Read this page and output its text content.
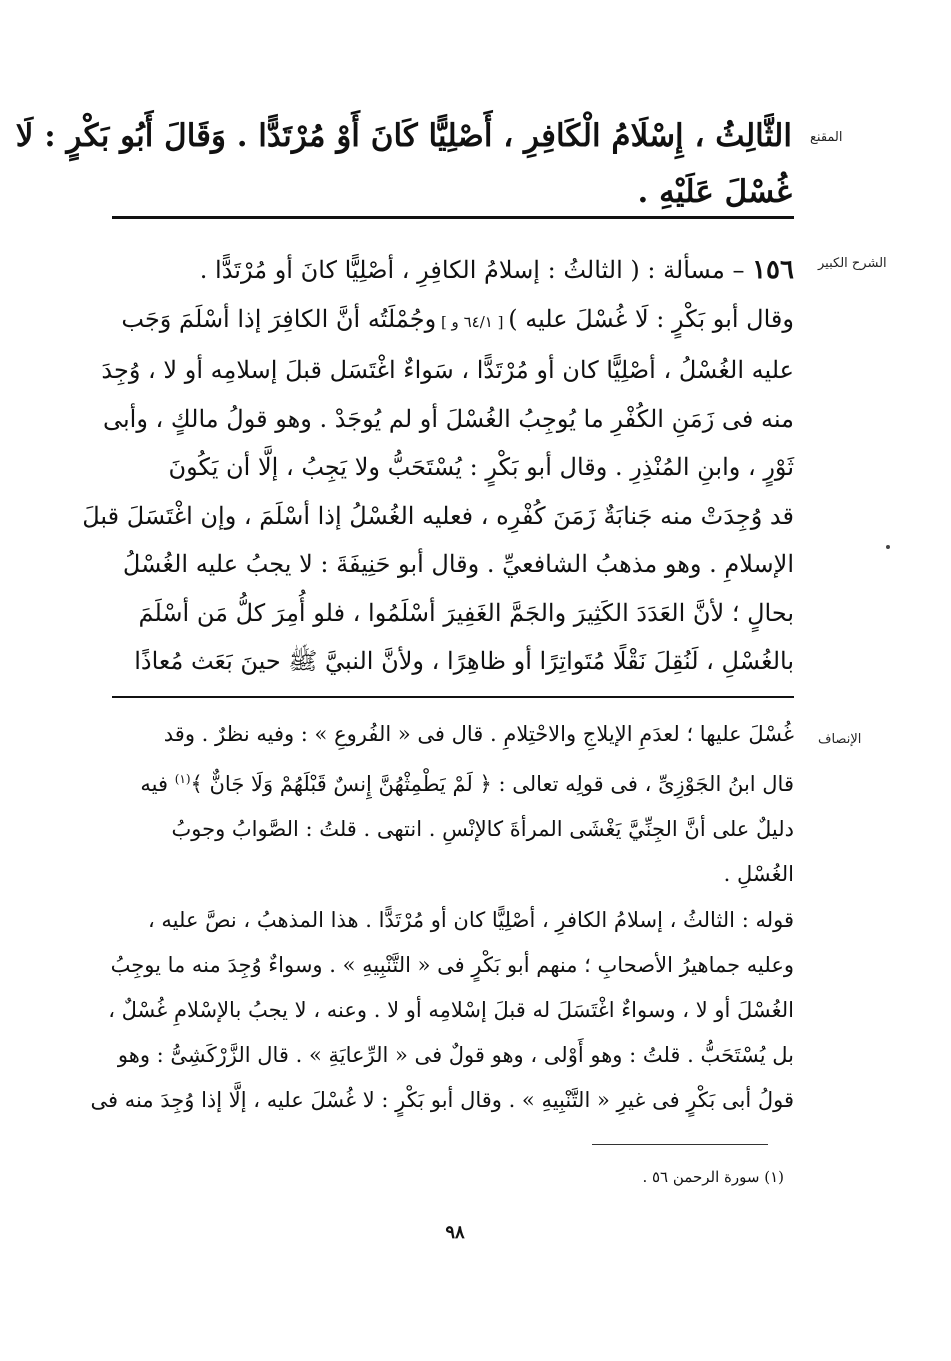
المقنع
الشرح الكبير
الإنصاف
الثَّالِثُ ، إِسْلَامُ الْكَافِرِ ، أَصْلِيًّا كَانَ أَوْ مُرْتَدًّا . وَقَالَ أَبُو بَكْرٍ : لَا
غُسْلَ عَلَيْهِ .
١٥٦ – مسألة : ( الثالثُ : إسلامُ الكافِرِ ، أصْلِيًّا كانَ أو مُرْتَدًّا .
وقال أبو بَكْرٍ : لَا غُسْلَ عليه ) [ ٦٤/١ و ] وجُمْلَتُه أنَّ الكافِرَ إذا أسْلَمَ وَجَب
عليه الغُسْلُ ، أصْلِيًّا كان أو مُرْتَدًّا ، سَواءٌ اغْتَسَل قبلَ إسلامِه أو لا ، وُجِدَ
منه فى زَمَنِ الكُفْرِ ما يُوجِبُ الغُسْلَ أو لم يُوجَدْ . وهو قولُ مالكٍ ، وأبى
ثَوْرٍ ، وابنِ المُنْذِرِ . وقال أبو بَكْرٍ : يُسْتَحَبُّ ولا يَجِبُ ، إلَّا أن يَكُونَ
قد وُجِدَتْ منه جَنابَةٌ زَمَنَ كُفْرِه ، فعليه الغُسْلُ إذا أسْلَمَ ، وإن اغْتَسَلَ قبلَ
الإسلامِ . وهو مذهبُ الشافعيِّ . وقال أبو حَنِيفَةَ : لا يجبُ عليه الغُسْلُ
بحالٍ ؛ لأنَّ العَدَدَ الكَثِيرَ والجَمَّ الغَفِيرَ أسْلَمُوا ، فلو أُمِرَ كلُّ مَن أسْلَمَ
بالغُسْلِ ، لَنُقِلَ نَقْلًا مُتَواتِرًا أو ظاهِرًا ، ولأنَّ النبيَّ ﷺ حينَ بَعَث مُعاذًا
غُسْلَ عليها ؛ لعدَمِ الإيلاجِ والاحْتِلامِ . قال فى « الفُروعِ » : وفيه نظرٌ . وقد
قال ابنُ الجَوْزِىِّ ، فى قولِه تعالى : ﴿ لَمْ يَطْمِثْهُنَّ إِنسٌ قَبْلَهُمْ وَلَا جَانٌّ ﴾$^{(١)}$ فيه
دليلٌ على أنَّ الجِنِّيَّ يَغْشَى المرأةَ كالإنْسِ . انتهى . قلتُ : الصَّوابُ وجوبُ
الغُسْلِ .
قوله : الثالثُ ، إسلامُ الكافرِ ، أصْلِيًّا كان أو مُرْتَدًّا . هذا المذهبُ ، نصَّ عليه ،
وعليه جماهيرُ الأصحابِ ؛ منهم أبو بَكْرٍ فى « التَّنْبِيهِ » . وسواءٌ وُجِدَ منه ما يوجِبُ
الغُسْلَ أو لا ، وسواءٌ اغْتَسَلَ له قبلَ إسْلامِه أو لا . وعنه ، لا يجبُ بالإسْلامِ غُسْلٌ ،
بل يُسْتَحَبُّ . قلتُ : وهو أَوْلى ، وهو قولٌ فى « الرِّعايَةِ » . قال الزَّرْكَشِىُّ : وهو
قولُ أبى بَكْرٍ فى غيرِ « التَّنْبِيهِ » . وقال أبو بَكْرٍ : لا غُسْلَ عليه ، إلَّا إذا وُجِدَ منه فى
(١) سورة الرحمن ٥٦ .
٩٨
